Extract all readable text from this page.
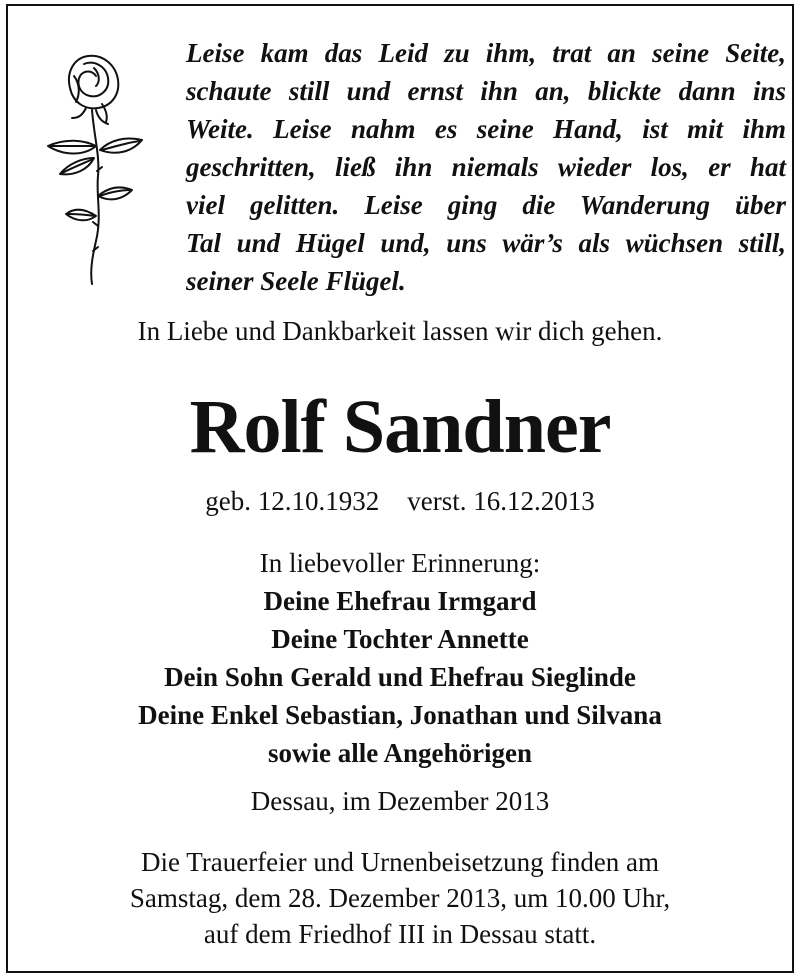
Leise kam das Leid zu ihm, trat an seine Seite,
schaute still und ernst ihn an, blickte dann ins
Weite. Leise nahm es seine Hand, ist mit ihm
geschritten, ließ ihn niemals wieder los, er hat
viel gelitten. Leise ging die Wanderung über
Tal und Hügel und, uns wär’s als wüchsen still,
seiner Seele Flügel.
In Liebe und Dankbarkeit lassen wir dich gehen.
Rolf Sandner
geb. 12.10.1932 verst. 16.12.2013
In liebevoller Erinnerung:
Deine Ehefrau Irmgard
Deine Tochter Annette
Dein Sohn Gerald und Ehefrau Sieglinde
Deine Enkel Sebastian, Jonathan und Silvana
sowie alle Angehörigen
Dessau, im Dezember 2013
Die Trauerfeier und Urnenbeisetzung finden am
Samstag, dem 28. Dezember 2013, um 10.00 Uhr,
auf dem Friedhof III in Dessau statt.
